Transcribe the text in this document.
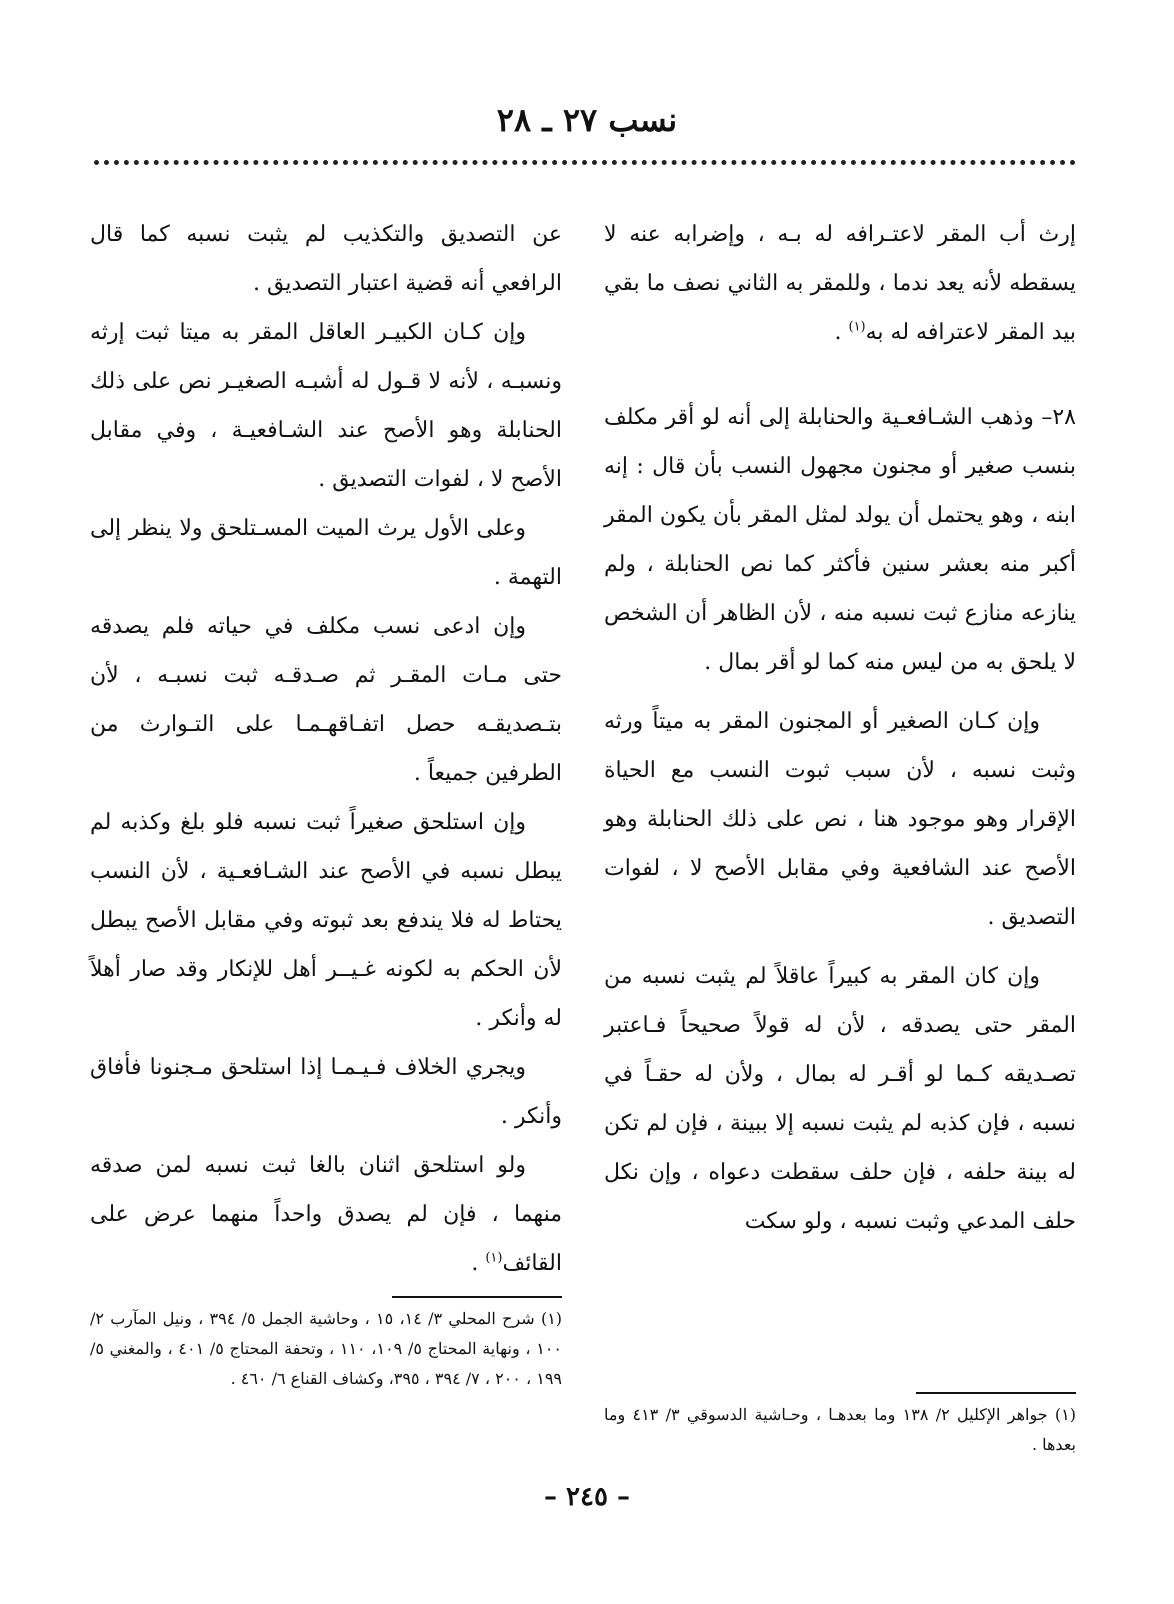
نسب ٢٧ ـ ٢٨

إرث أب المقر لاعتـرافه له بـه ، وإضرابه عنه لا يسقطه لأنه يعد ندما ، وللمقر به الثاني نصف ما بقي بيد المقر لاعترافه له به$^{(١)}$ .

٢٨– وذهب الشـافعـية والحنابلة إلى أنه لو أقر مكلف بنسب صغير أو مجنون مجهول النسب بأن قال : إنه ابنه ، وهو يحتمل أن يولد لمثل المقر بأن يكون المقر أكبر منه بعشر سنين فأكثر كما نص الحنابلة ، ولم ينازعه منازع ثبت نسبه منه ، لأن الظاهر أن الشخص لا يلحق به من ليس منه كما لو أقر بمال .

وإن كـان الصغير أو المجنون المقر به ميتاً ورثه وثبت نسبه ، لأن سبب ثبوت النسب مع الحياة الإقرار وهو موجود هنا ، نص على ذلك الحنابلة وهو الأصح عند الشافعية وفي مقابل الأصح لا ، لفوات التصديق .

وإن كان المقر به كبيراً عاقلاً لم يثبت نسبه من المقر حتى يصدقه ، لأن له قولاً صحيحاً فـاعتبر تصـديقه كـما لو أقـر له بمال ، ولأن له حقـاً في نسبه ، فإن كذبه لم يثبت نسبه إلا ببينة ، فإن لم تكن له بينة حلفه ، فإن حلف سقطت دعواه ، وإن نكل حلف المدعي وثبت نسبه ، ولو سكت

(١) جواهر الإكليل ٢/ ١٣٨ وما بعدهـا ، وحـاشية الدسوقي ٣/ ٤١٣ وما بعدها .

عن التصديق والتكذيب لم يثبت نسبه كما قال الرافعي أنه قضية اعتبار التصديق .

وإن كـان الكبيـر العاقل المقر به ميتا ثبت إرثه ونسبـه ، لأنه لا قـول له أشبـه الصغيـر نص على ذلك الحنابلة وهو الأصح عند الشـافعيـة ، وفي مقابل الأصح لا ، لفوات التصديق .

وعلى الأول يرث الميت المسـتلحق ولا ينظر إلى التهمة .

وإن ادعى نسب مكلف في حياته فلم يصدقه حتى مـات المقـر ثم صـدقـه ثبت نسبـه ، لأن بتـصديقـه حصل اتفـاقهـمـا على التـوارث من الطرفين جميعاً .

وإن استلحق صغيراً ثبت نسبه فلو بلغ وكذبه لم يبطل نسبه في الأصح عند الشـافعـية ، لأن النسب يحتاط له فلا يندفع بعد ثبوته وفي مقابل الأصح يبطل لأن الحكم به لكونه غـيــر أهل للإنكار وقد صار أهلاً له وأنكر .

ويجري الخلاف فـيـمـا إذا استلحق مـجنونا فأفاق وأنكر .

ولو استلحق اثنان بالغا ثبت نسبه لمن صدقه منهما ، فإن لم يصدق واحداً منهما عرض على القائف$^{(١)}$ .

(١) شرح المحلي ٣/ ١٤، ١٥ ، وحاشية الجمل ٥/ ٣٩٤ ، ونيل المآرب ٢/ ١٠٠ ، ونهاية المحتاج ٥/ ١٠٩، ١١٠ ، وتحفة المحتاج ٥/ ٤٠١ ، والمغني ٥/ ١٩٩ ، ٢٠٠ ، ٧/ ٣٩٤ ، ٣٩٥، وكشاف القناع ٦/ ٤٦٠ .

– ٢٤٥ –
